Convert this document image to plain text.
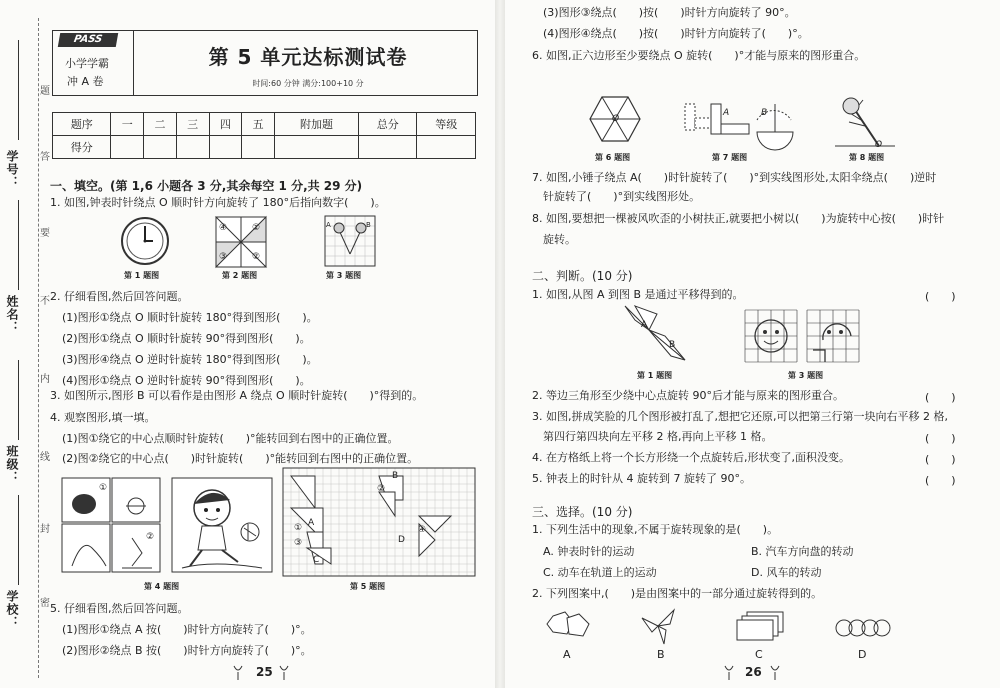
学号：
姓名：
班级：
学校：
题
答
要
不
内
线
封
密
PASS
小学学霸
冲 A 卷
第 5 单元达标测试卷
时间:60 分钟 满分:100+10 分
题序	一	二	三	四	五	附加题	总分	等级
得分								
一、填空。(第 1,6 小题各 3 分,其余每空 1 分,共 29 分)
1. 如图,钟表时针绕点 O 顺时针方向旋转了 180°后指向数字(　　)。
第 1 题图
④	①
③	②
第 2 题图
A	B
第 3 题图
2. 仔细看图,然后回答问题。
(1)图形①绕点 O 顺时针旋转 180°得到图形(　　)。
(2)图形①绕点 O 顺时针旋转 90°得到图形(　　)。
(3)图形④绕点 O 逆时针旋转 180°得到图形(　　)。
(4)图形①绕点 O 逆时针旋转 90°得到图形(　　)。
3. 如图所示,图形 B 可以看作是由图形 A 绕点 O 顺时针旋转(　　)°得到的。
4. 观察图形,填一填。
(1)图①绕它的中心点顺时针旋转(　　)°能转回到右图中的正确位置。
(2)图②绕它的中心点(　　)时针旋转(　　)°能转回到右图中的正确位置。
①
②
第 4 题图
B
A
C
D
②
①
③
④
第 5 题图
5. 仔细看图,然后回答问题。
(1)图形①绕点 A 按(　　)时针方向旋转了(　　)°。
(2)图形②绕点 B 按(　　)时针方向旋转了(　　)°。
25
(3)图形③绕点(　　)按(　　)时针方向旋转了 90°。
(4)图形④绕点(　　)按(　　)时针方向旋转了(　　)°。
6. 如图,正六边形至少要绕点 O 旋转(　　)°才能与原来的图形重合。
O
第 6 题图
A	B
第 7 题图
O
第 8 题图
7. 如图,小锤子绕点 A(　　)时针旋转了(　　)°到实线图形处,太阳伞绕点(　　)逆时
针旋转了(　　)°到实线图形处。
8. 如图,要想把一棵被风吹歪的小树扶正,就要把小树以(　　)为旋转中心按(　　)时针
旋转。
二、判断。(10 分)
1. 如图,从图 A 到图 B 是通过平移得到的。	(　　)
A
B
第 1 题图	第 3 题图
2. 等边三角形至少绕中心点旋转 90°后才能与原来的图形重合。	(　　)
3. 如图,拼成笑脸的几个图形被打乱了,想把它还原,可以把第三行第一块向右平移 2 格,
第四行第四块向左平移 2 格,再向上平移 1 格。	(　　)
4. 在方格纸上将一个长方形绕一个点旋转后,形状变了,面积没变。	(　　)
5. 钟表上的时针从 4 旋转到 7 旋转了 90°。	(　　)
三、选择。(10 分)
1. 下列生活中的现象,不属于旋转现象的是(　　)。
A. 钟表时针的运动	B. 汽车方向盘的转动
C. 动车在轨道上的运动	D. 风车的转动
2. 下列图案中,(　　)是由图案中的一部分通过旋转得到的。
A	B	C	D
26
